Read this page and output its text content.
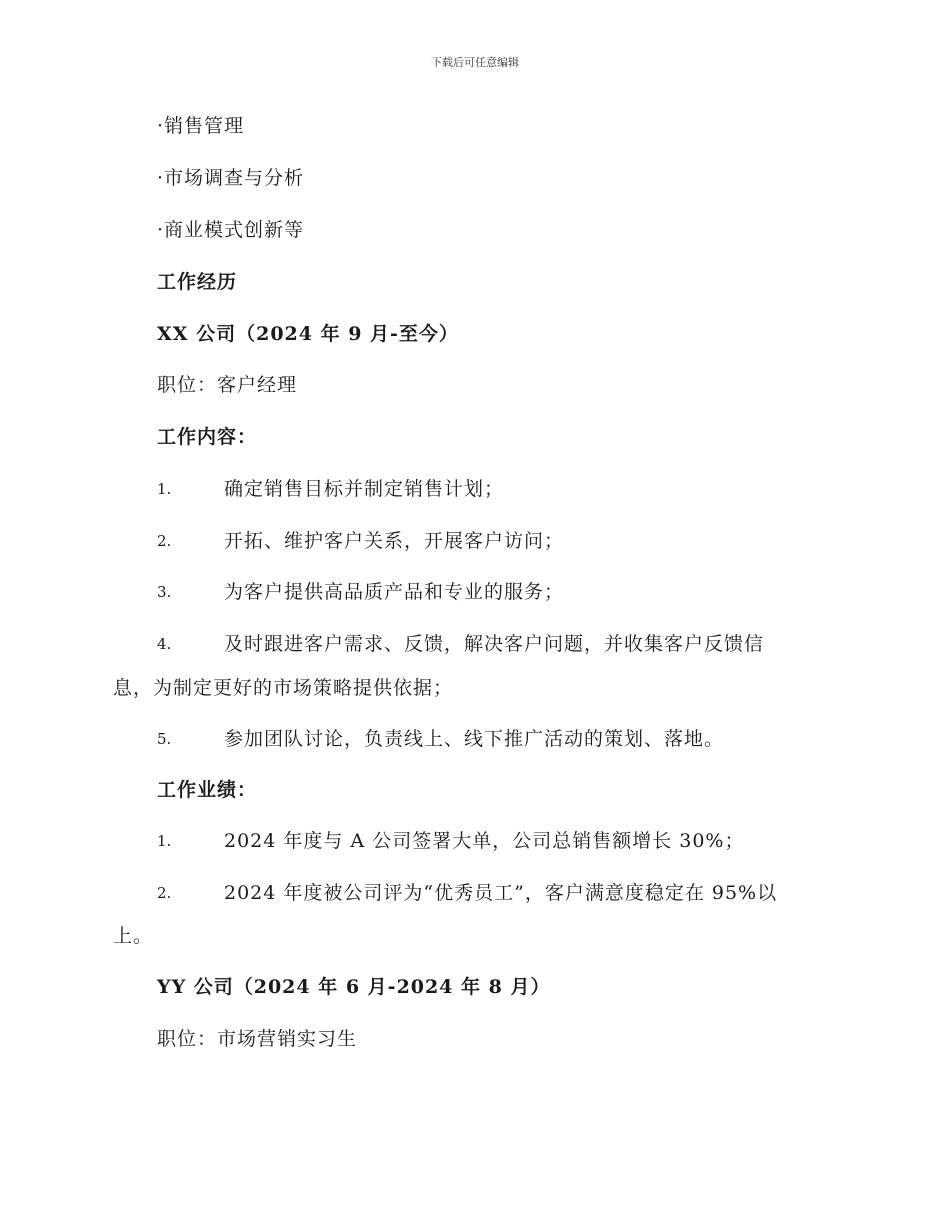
下载后可任意编辑
·销售管理
·市场调查与分析
·商业模式创新等
工作经历
XX 公司（2024 年 9 月-至今）
职位：客户经理
工作内容：
1.	确定销售目标并制定销售计划；
2.	开拓、维护客户关系，开展客户访问；
3.	为客户提供高品质产品和专业的服务；
4.	及时跟进客户需求、反馈，解决客户问题，并收集客户反馈信
息，为制定更好的市场策略提供依据；
5.	参加团队讨论，负责线上、线下推广活动的策划、落地。
工作业绩：
1.	2024 年度与 A 公司签署大单，公司总销售额增长 30%；
2.	2024 年度被公司评为“优秀员工”，客户满意度稳定在 95%以
上。
YY 公司（2024 年 6 月-2024 年 8 月）
职位：市场营销实习生
